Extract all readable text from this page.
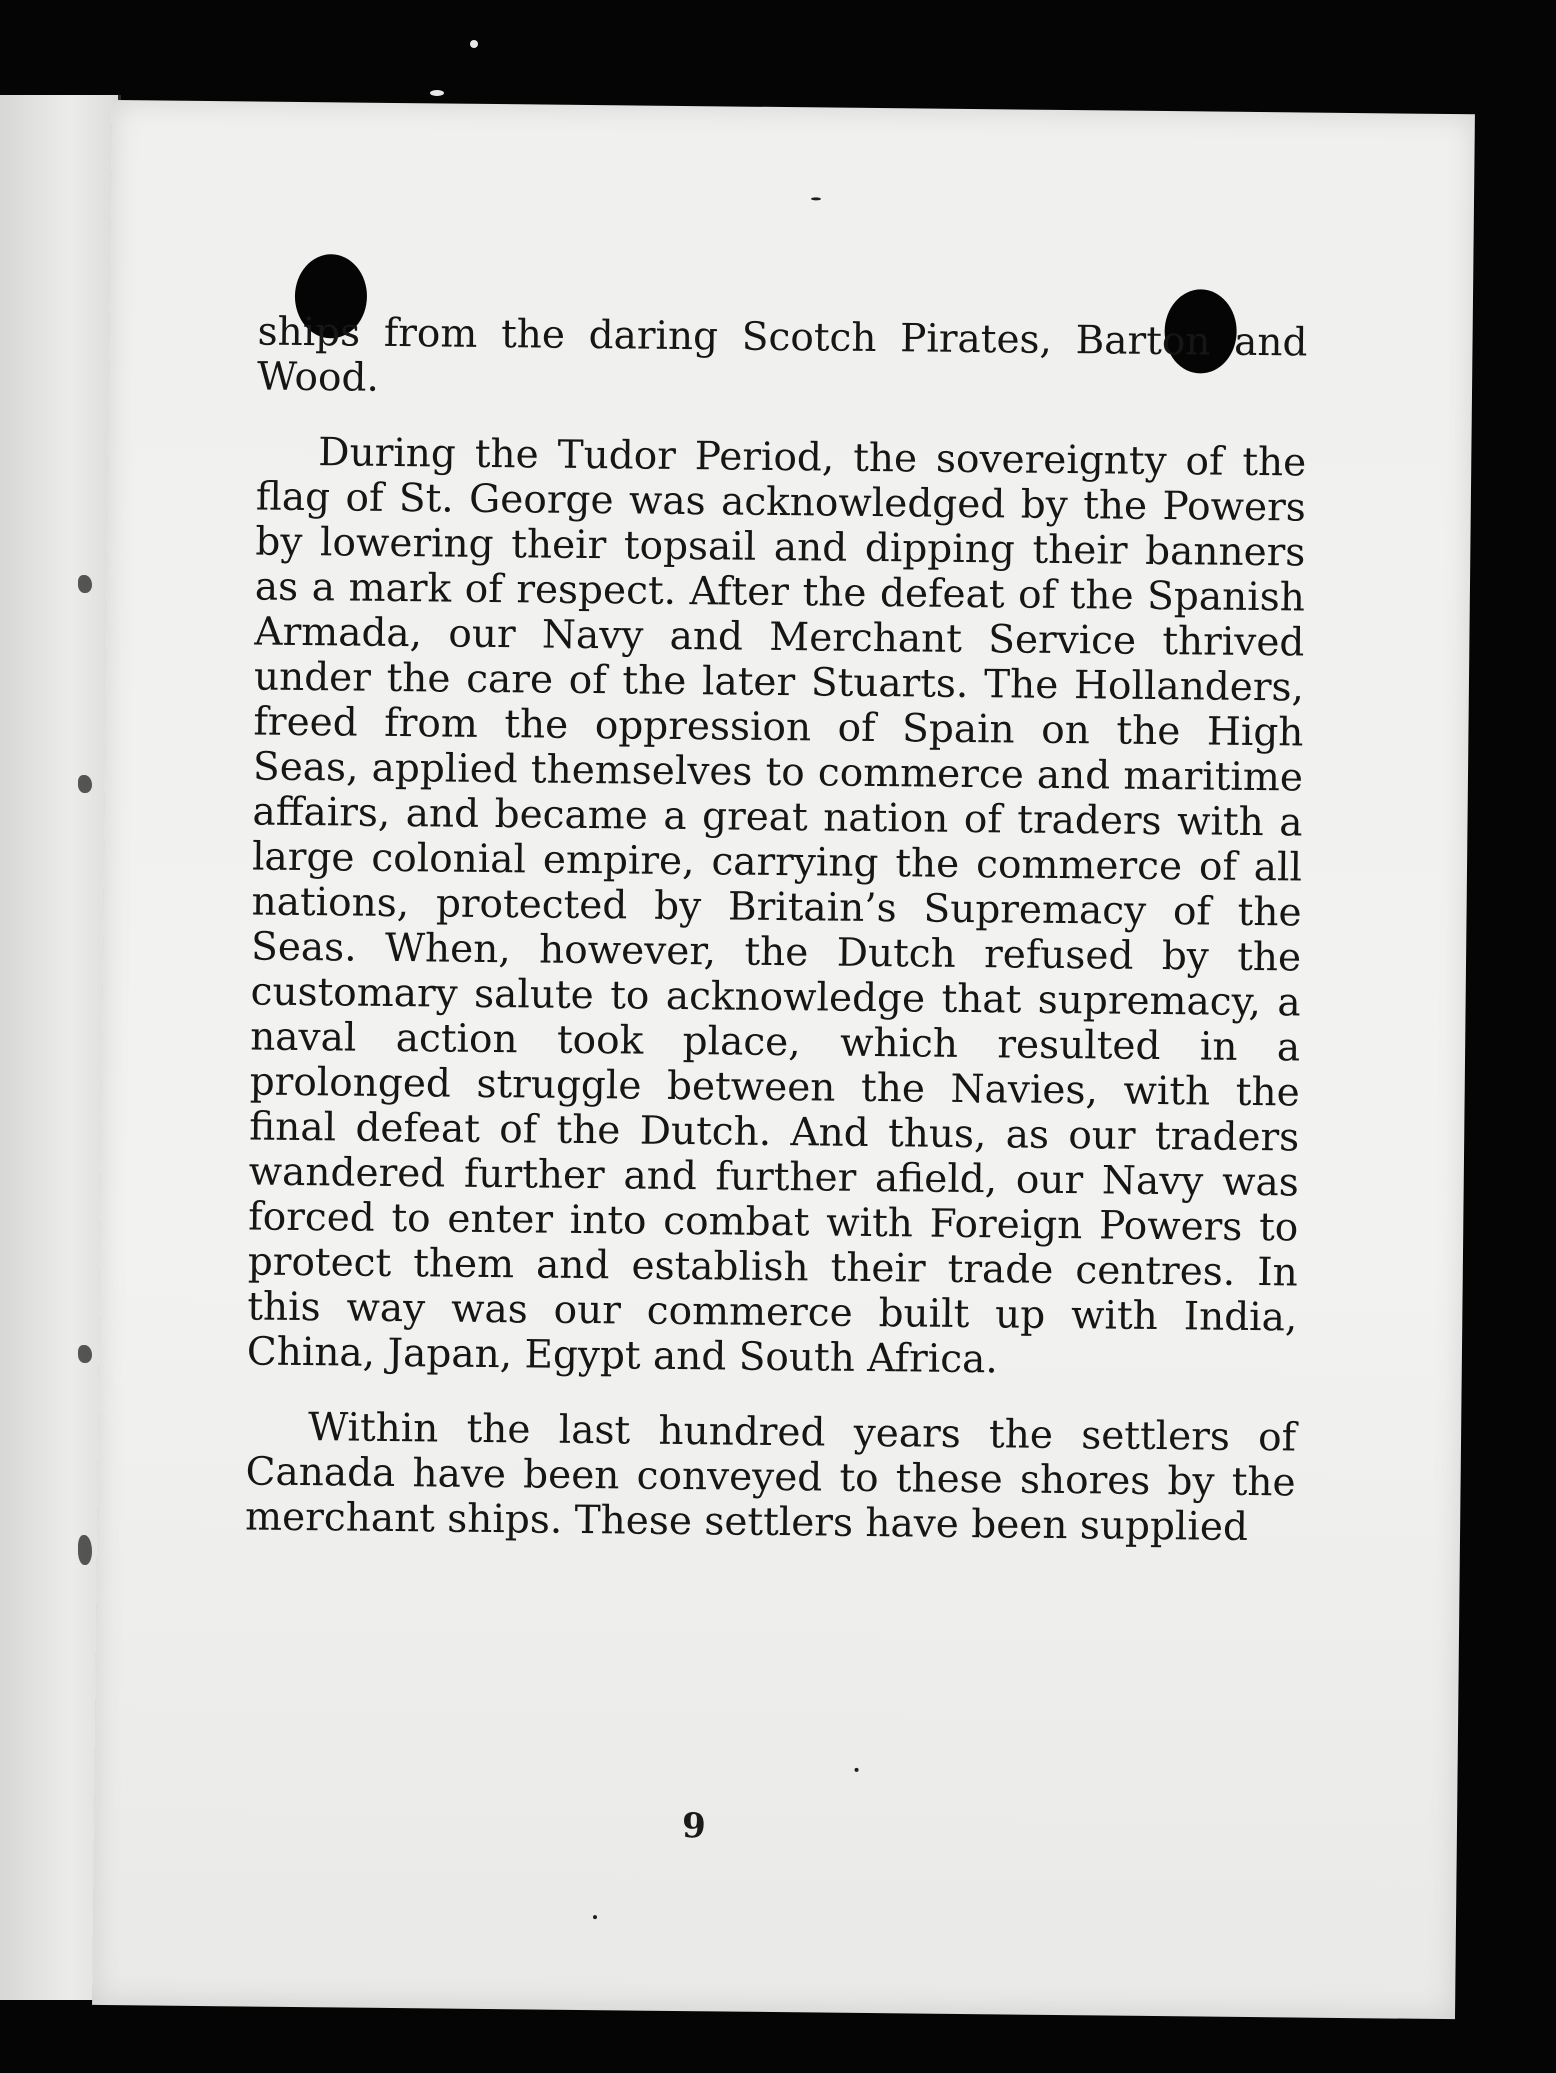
ships from the daring Scotch Pirates, Barton and Wood.

During the Tudor Period, the sovereignty of the flag of St. George was acknowledged by the Powers by lowering their topsail and dipping their banners as a mark of respect. After the defeat of the Spanish Armada, our Navy and Merchant Service thrived under the care of the later Stuarts. The Hollanders, freed from the oppression of Spain on the High Seas, applied themselves to commerce and maritime affairs, and became a great nation of traders with a large colonial empire, carrying the commerce of all nations, protected by Britain’s Supremacy of the Seas. When, however, the Dutch refused by the customary salute to acknowledge that supremacy, a naval action took place, which resulted in a prolonged struggle between the Navies, with the final defeat of the Dutch. And thus, as our traders wandered further and further afield, our Navy was forced to enter into combat with Foreign Powers to protect them and establish their trade centres. In this way was our commerce built up with India, China, Japan, Egypt and South Africa.

Within the last hundred years the settlers of Canada have been conveyed to these shores by the merchant ships. These settlers have been supplied

9
